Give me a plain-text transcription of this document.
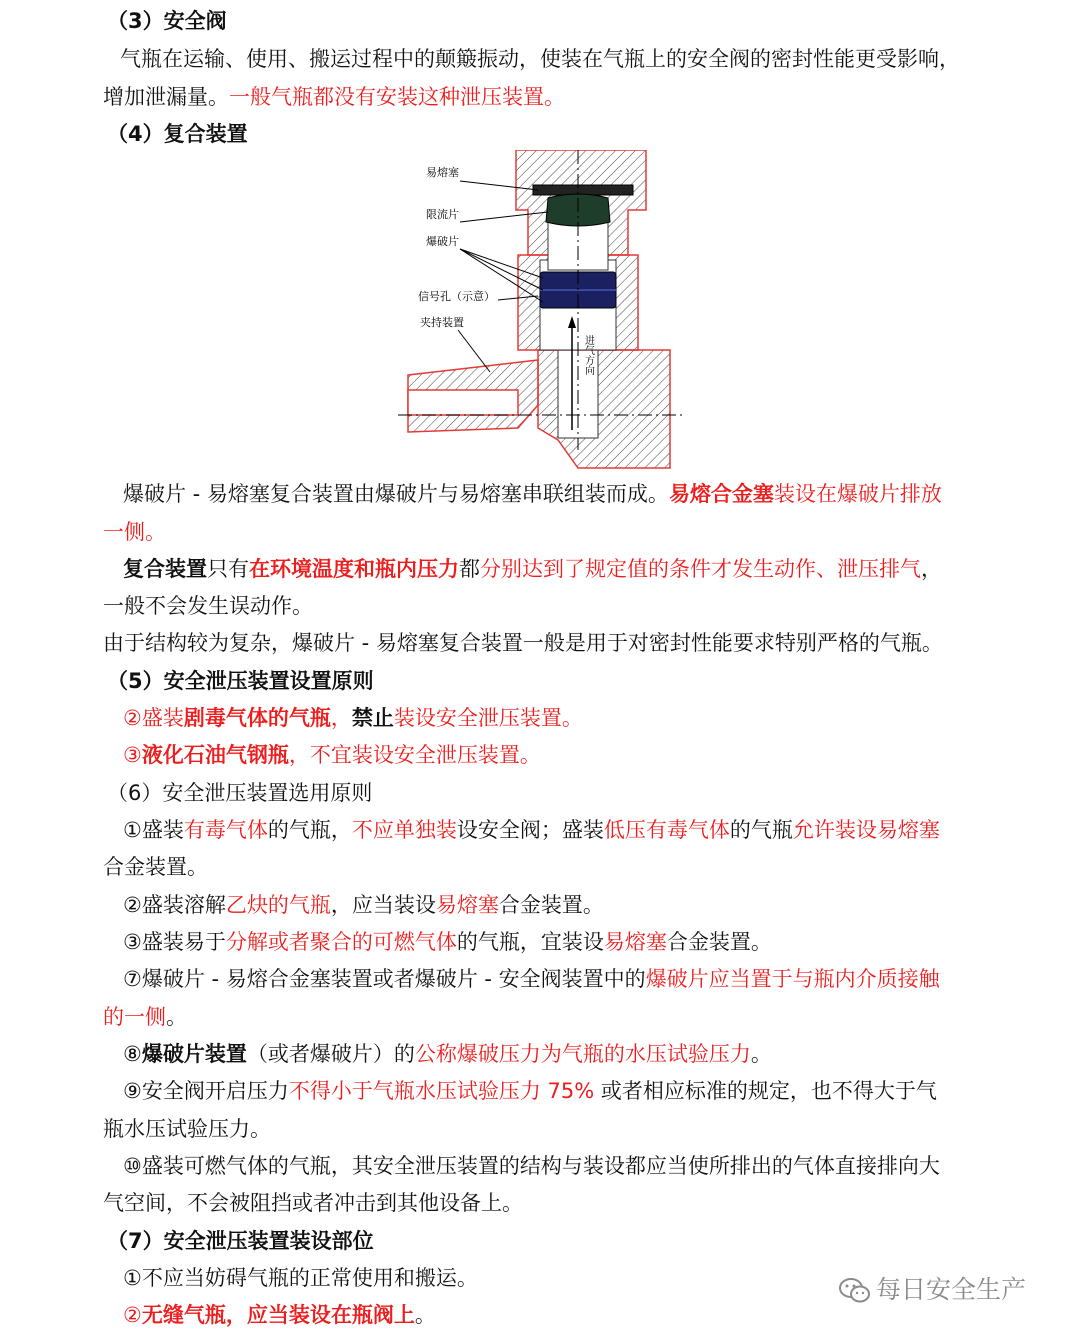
（3）安全阀
气瓶在运输、使用、搬运过程中的颠簸振动，使装在气瓶上的安全阀的密封性能更受影响，
增加泄漏量。一般气瓶都没有安装这种泄压装置。
（4）复合装置
爆破片 - 易熔塞复合装置由爆破片与易熔塞串联组装而成。易熔合金塞装设在爆破片排放
一侧。
复合装置只有在环境温度和瓶内压力都分别达到了规定值的条件才发生动作、泄压排气，
一般不会发生误动作。
由于结构较为复杂，爆破片 - 易熔塞复合装置一般是用于对密封性能要求特别严格的气瓶。
（5）安全泄压装置设置原则
②盛装剧毒气体的气瓶，禁止装设安全泄压装置。
③液化石油气钢瓶，不宜装设安全泄压装置。
（6）安全泄压装置选用原则
①盛装有毒气体的气瓶，不应单独装设安全阀；盛装低压有毒气体的气瓶允许装设易熔塞
合金装置。
②盛装溶解乙炔的气瓶，应当装设易熔塞合金装置。
③盛装易于分解或者聚合的可燃气体的气瓶，宜装设易熔塞合金装置。
⑦爆破片 - 易熔合金塞装置或者爆破片 - 安全阀装置中的爆破片应当置于与瓶内介质接触
的一侧。
⑧爆破片装置（或者爆破片）的公称爆破压力为气瓶的水压试验压力。
⑨安全阀开启压力不得小于气瓶水压试验压力 75% 或者相应标准的规定，也不得大于气
瓶水压试验压力。
⑩盛装可燃气体的气瓶，其安全泄压装置的结构与装设都应当使所排出的气体直接排向大
气空间，不会被阻挡或者冲击到其他设备上。
（7）安全泄压装置装设部位
①不应当妨碍气瓶的正常使用和搬运。
②无缝气瓶，应当装设在瓶阀上。
进气方向
易熔塞
限流片
爆破片
信号孔（示意）
夹持装置
每日安全生产
